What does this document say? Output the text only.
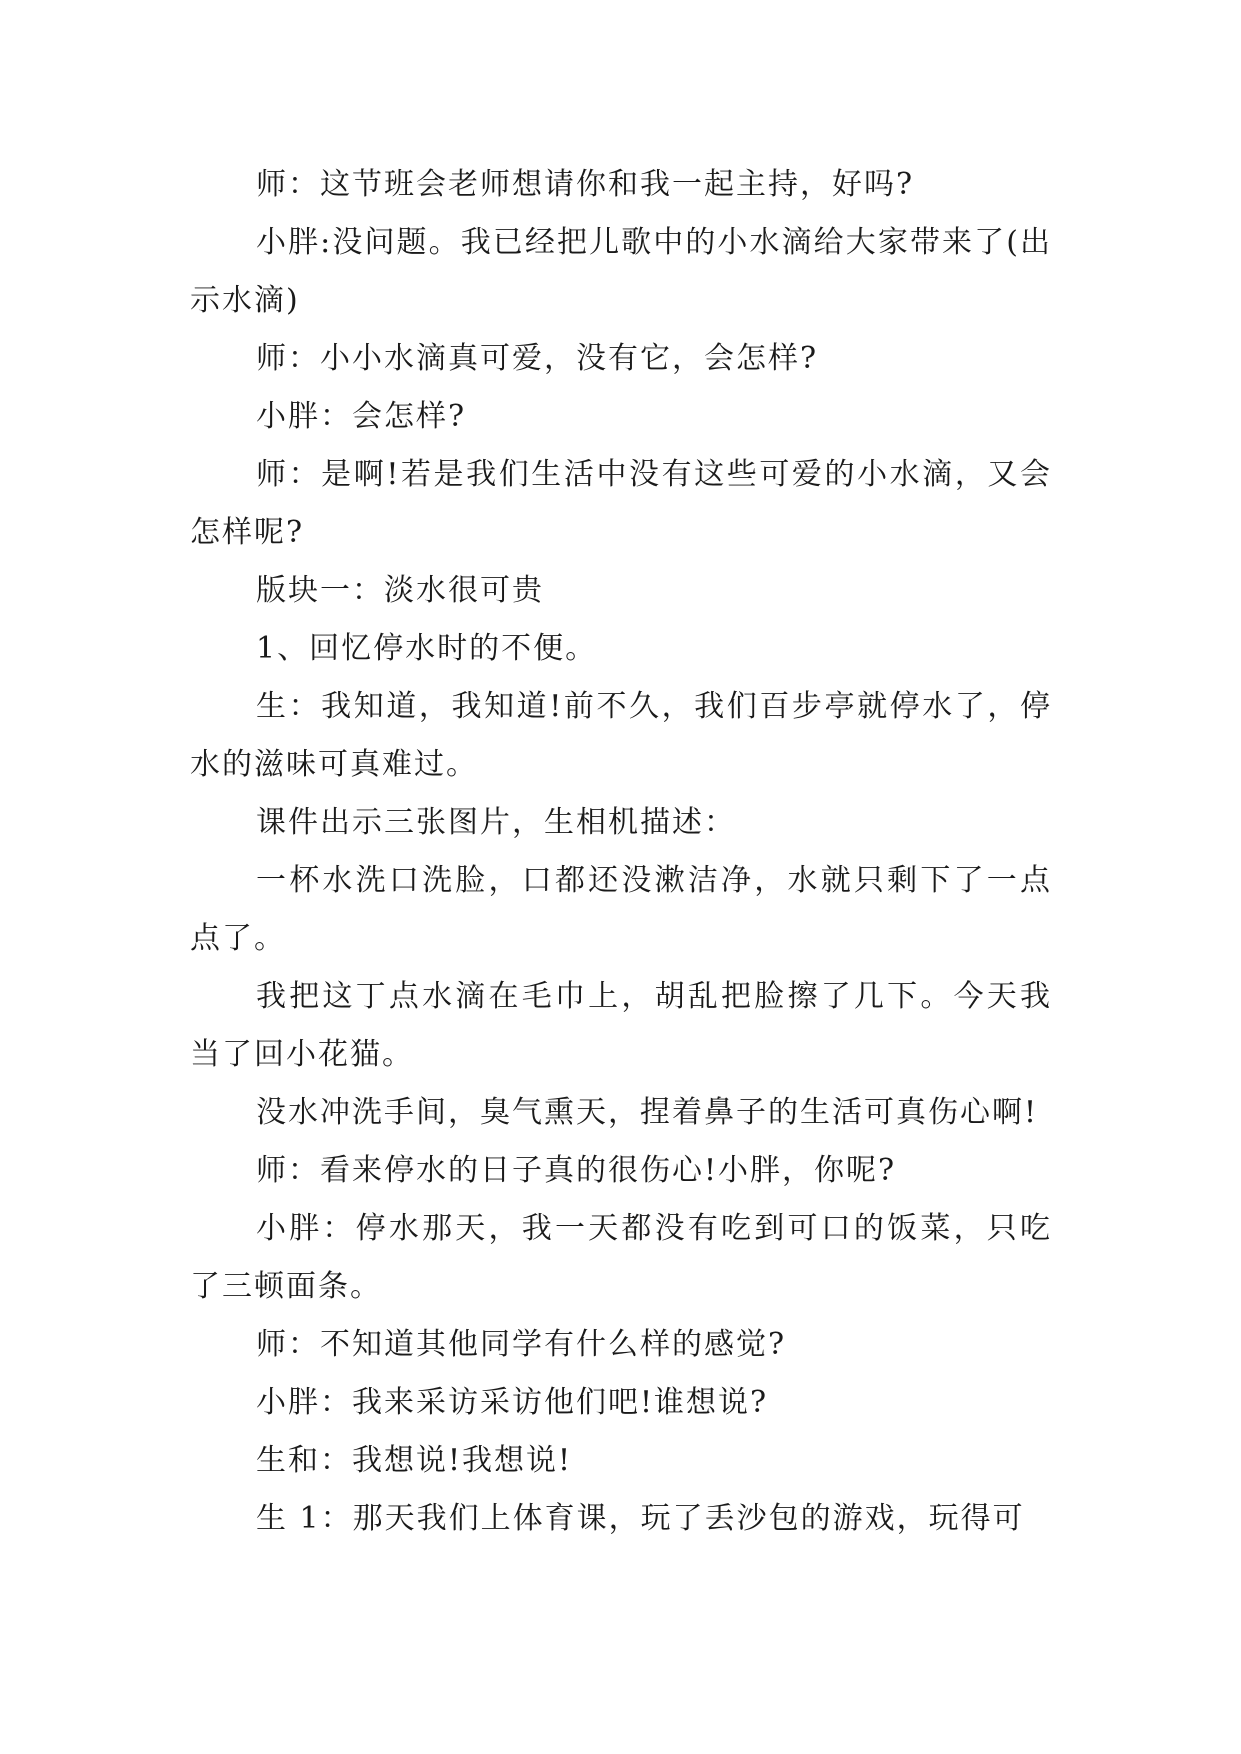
师：这节班会老师想请你和我一起主持，好吗?

小胖:没问题。我已经把儿歌中的小水滴给大家带来了(出示水滴)

师：小小水滴真可爱，没有它，会怎样?

小胖：会怎样?

师：是啊!若是我们生活中没有这些可爱的小水滴，又会怎样呢?

版块一：淡水很可贵

1、回忆停水时的不便。

生：我知道，我知道!前不久，我们百步亭就停水了，停水的滋味可真难过。

课件出示三张图片，生相机描述：

一杯水洗口洗脸，口都还没漱洁净，水就只剩下了一点点了。

我把这丁点水滴在毛巾上，胡乱把脸擦了几下。今天我当了回小花猫。

没水冲洗手间，臭气熏天，捏着鼻子的生活可真伤心啊!

师：看来停水的日子真的很伤心!小胖，你呢?

小胖：停水那天，我一天都没有吃到可口的饭菜，只吃了三顿面条。

师：不知道其他同学有什么样的感觉?

小胖：我来采访采访他们吧!谁想说?

生和：我想说!我想说!

生 1：那天我们上体育课，玩了丢沙包的游戏，玩得可
